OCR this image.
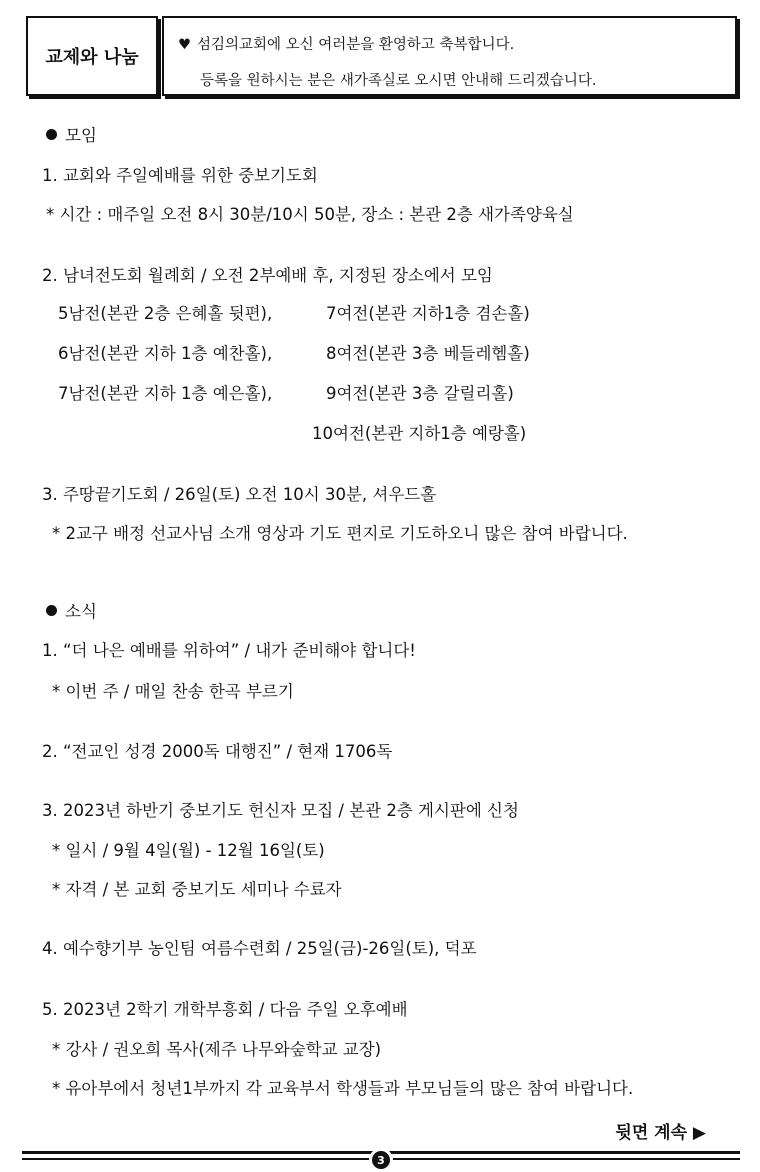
교제와 나눔
♥ 섬김의교회에 오신 여러분을 환영하고 축복합니다.
등록을 원하시는 분은 새가족실로 오시면 안내해 드리겠습니다.
모임
1. 교회와 주일예배를 위한 중보기도회
* 시간 : 매주일 오전 8시 30분/10시 50분, 장소 : 본관 2층 새가족양육실
2. 남녀전도회 월례회 / 오전 2부예배 후, 지정된 장소에서 모임
5남전(본관 2층 은혜홀 뒷편),
6남전(본관 지하 1층 예찬홀),
7남전(본관 지하 1층 예은홀),
7여전(본관 지하1층 겸손홀)
8여전(본관 3층 베들레헴홀)
9여전(본관 3층 갈릴리홀)
10여전(본관 지하1층 예랑홀)
3. 주땅끝기도회 / 26일(토) 오전 10시 30분, 셔우드홀
* 2교구 배정 선교사님 소개 영상과 기도 편지로 기도하오니 많은 참여 바랍니다.
소식
1. “더 나은 예배를 위하여” / 내가 준비해야 합니다!
* 이번 주 / 매일 찬송 한곡 부르기
2. “전교인 성경 2000독 대행진” / 현재 1706독
3. 2023년 하반기 중보기도 헌신자 모집 / 본관 2층 게시판에 신청
* 일시 / 9월 4일(월) - 12월 16일(토)
* 자격 / 본 교회 중보기도 세미나 수료자
4. 예수향기부 농인팀 여름수련회 / 25일(금)-26일(토), 덕포
5. 2023년 2학기 개학부흥회 / 다음 주일 오후예배
* 강사 / 권오희 목사(제주 나무와숲학교 교장)
* 유아부에서 청년1부까지 각 교육부서 학생들과 부모님들의 많은 참여 바랍니다.
뒷면 계속 ▶
3
